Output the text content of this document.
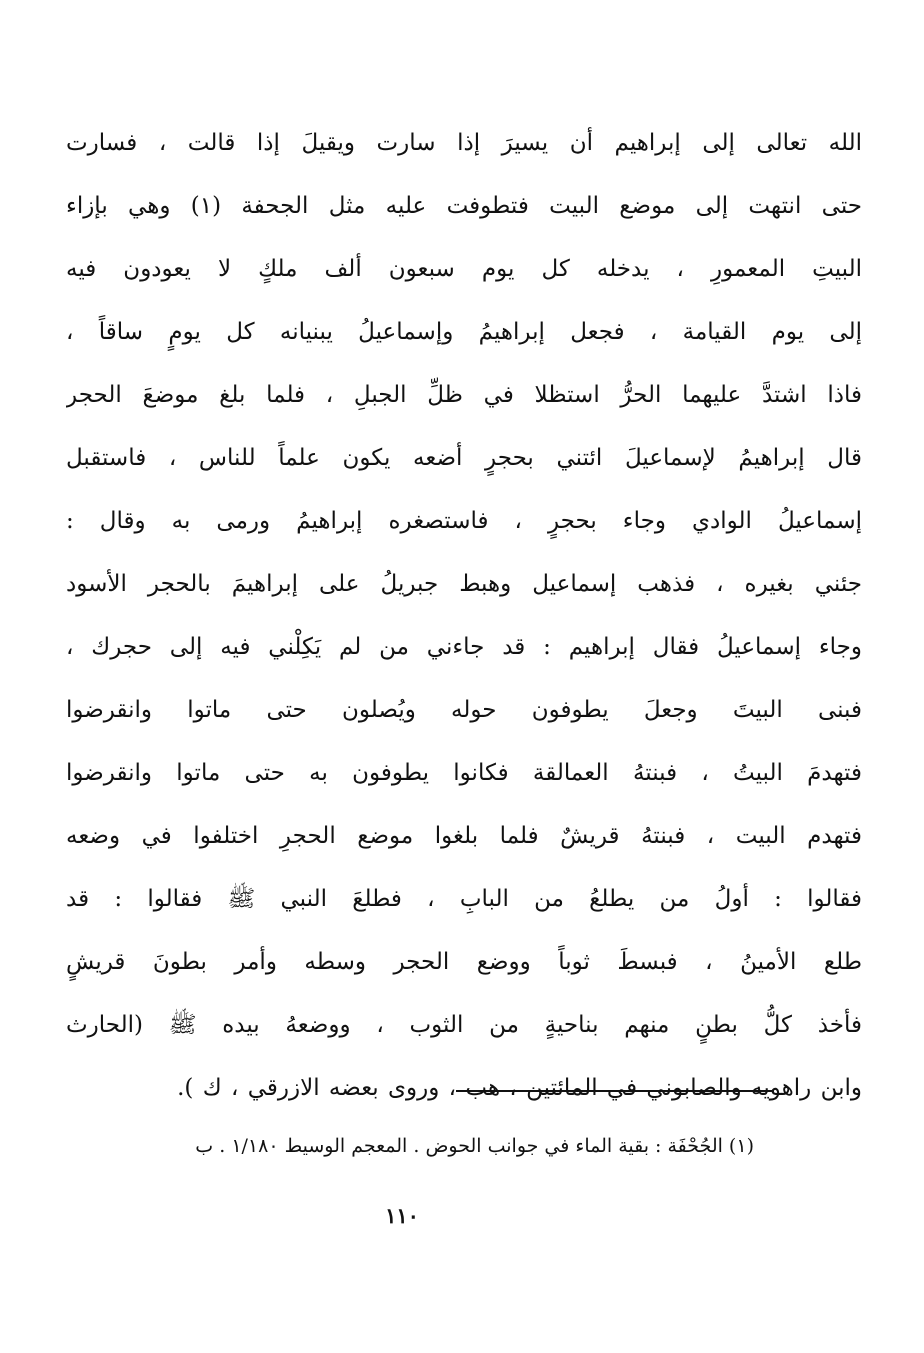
الله تعالى إلى إبراهيم أن يسيرَ إذا سارت ويقيلَ إذا قالت ، فسارت
حتى انتهت إلى موضع البيت فتطوفت عليه مثل الجحفة (١) وهي بإزاء
البيتِ المعمورِ ، يدخله كل يوم سبعون ألف ملكٍ لا يعودون فيه
إلى يوم القيامة ، فجعل إبراهيمُ وإسماعيلُ يبنيانه كل يومٍ ساقاً ،
فاذا اشتدَّ عليهما الحرُّ استظلا في ظلِّ الجبلِ ، فلما بلغ موضعَ الحجر
قال إبراهيمُ لإسماعيلَ ائتني بحجرٍ أضعه يكون علماً للناس ، فاستقبل
إسماعيلُ الوادي وجاء بحجرٍ ، فاستصغره إبراهيمُ ورمى به وقال :
جئني بغيره ، فذهب إسماعيل وهبط جبريلُ على إبراهيمَ بالحجر الأسود
وجاء إسماعيلُ فقال إبراهيم : قد جاءني من لم يَكِلْني فيه إلى حجرك ،
فبنى البيتَ وجعلَ يطوفون حوله ويُصلون حتى ماتوا وانقرضوا
فتهدمَ البيتُ ، فبنتهُ العمالقة فكانوا يطوفون به حتى ماتوا وانقرضوا
فتهدم البيت ، فبنتهُ قريشٌ فلما بلغوا موضع الحجرِ اختلفوا في وضعه
فقالوا : أولُ من يطلعُ من البابِ ، فطلعَ النبي ﷺ فقالوا : قد
طلع الأمينُ ، فبسطَ ثوباً ووضع الحجر وسطه وأمر بطونَ قريشٍ
فأخذ كلُّ بطنٍ منهم بناحيةٍ من الثوب ، ووضعهُ بيده ﷺ (الحارث
وابن راهويه والصابوني في المائتين ، هب ، وروى بعضه الازرقي ، ك ).
(١) الجُحْفَة : بقية الماء في جوانب الحوض . المعجم الوسيط ١/١٨٠ . ب
١١٠
